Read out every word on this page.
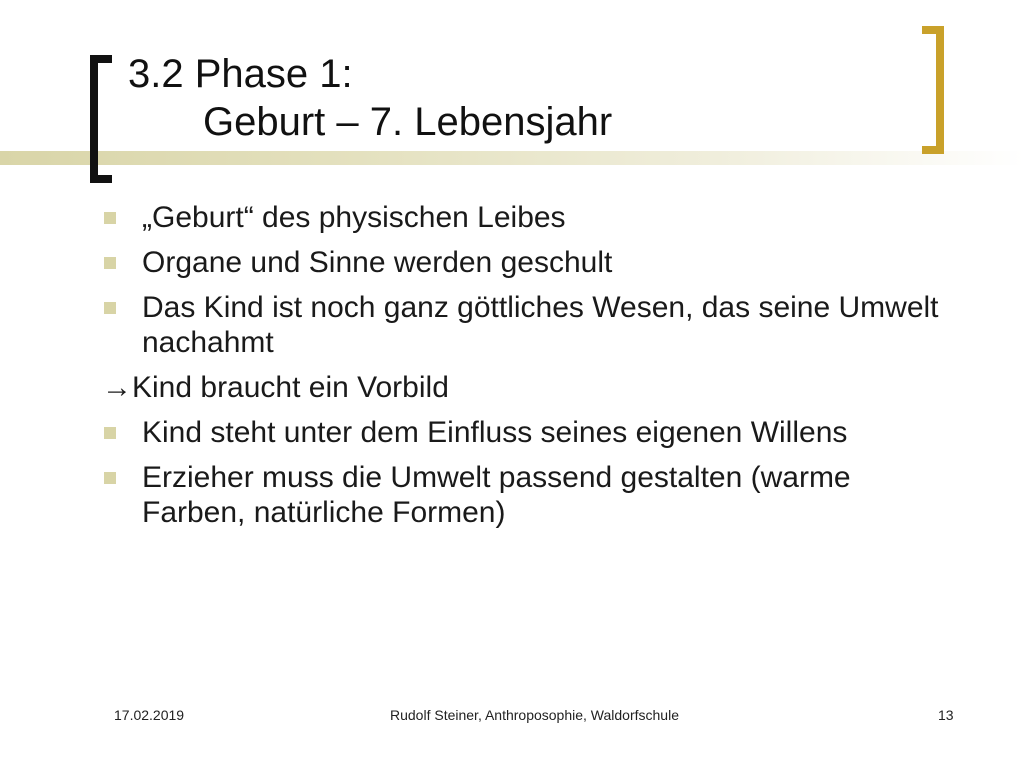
3.2 Phase 1:
Geburt – 7. Lebensjahr
„Geburt“ des physischen Leibes
Organe und Sinne werden geschult
Das Kind ist noch ganz göttliches Wesen, das seine Umwelt nachahmt
→Kind braucht ein Vorbild
Kind steht unter dem Einfluss seines eigenen Willens
Erzieher muss die Umwelt passend gestalten (warme Farben, natürliche Formen)
17.02.2019	Rudolf Steiner, Anthroposophie, Waldorfschule	13
